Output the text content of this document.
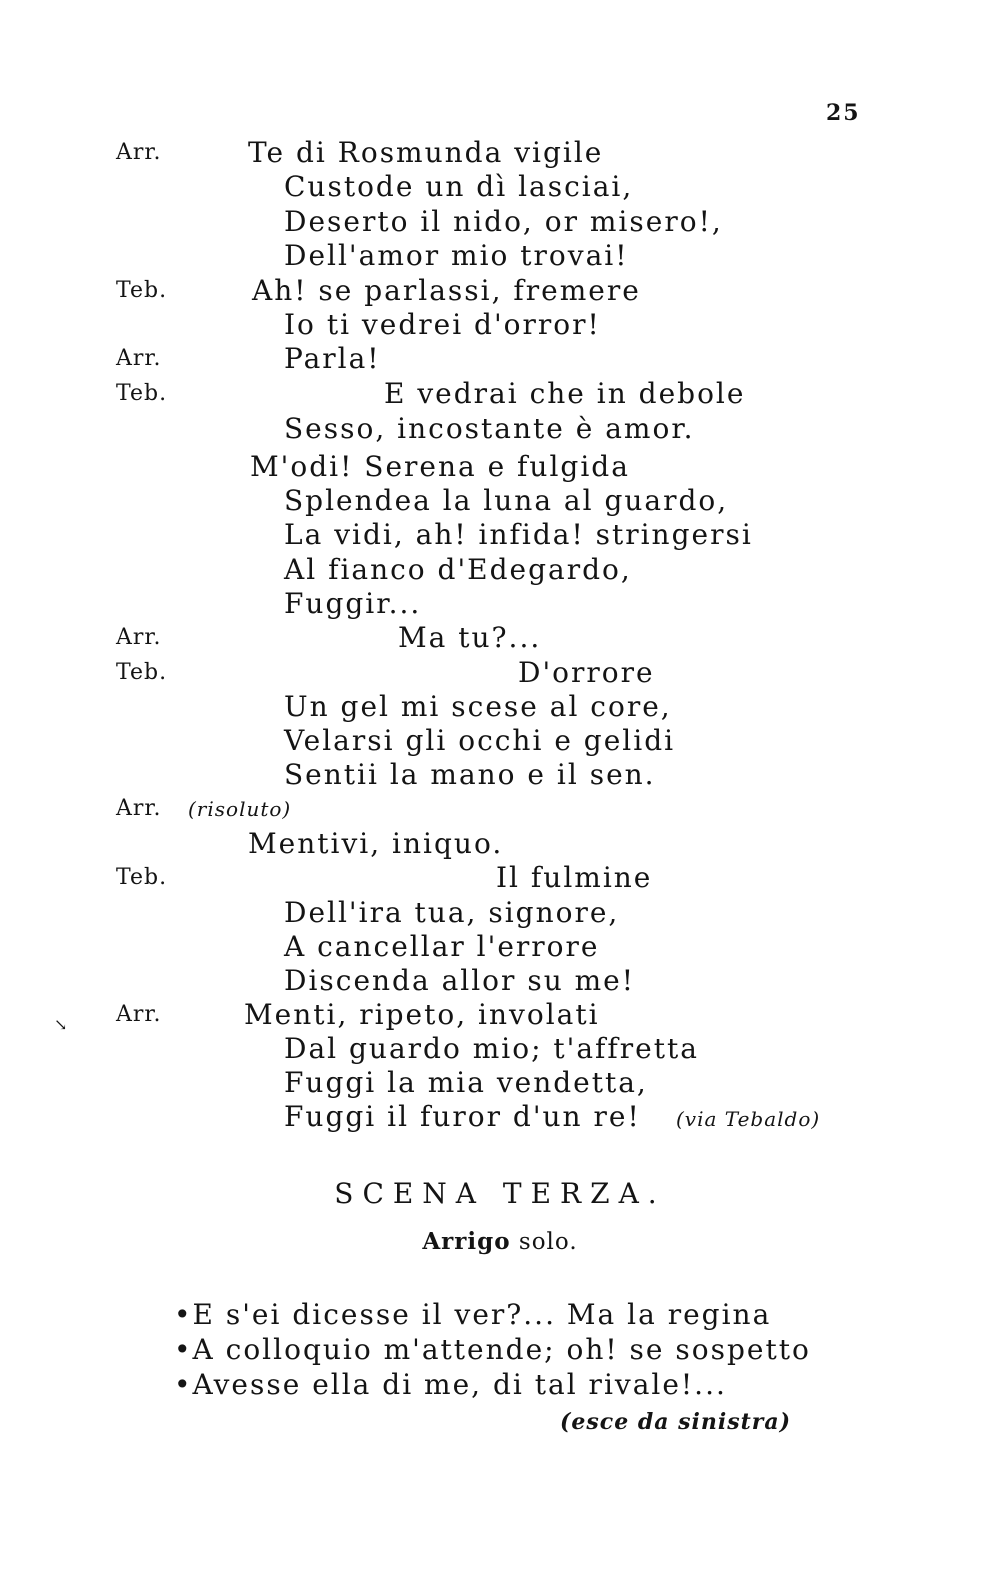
25
Arr.	Te di Rosmunda vigile
Custode un dì lasciai,
Deserto il nido, or misero!,
Dell'amor mio trovai!
Teb.	Ah! se parlassi, fremere
Io ti vedrei d'orror!
Arr.	Parla!
Teb.	E vedrai che in debole
Sesso, incostante è amor.
M'odi! Serena e fulgida
Splendea la luna al guardo,
La vidi, ah! infida! stringersi
Al fianco d'Edegardo,
Fuggir...
Arr.	Ma tu?...
Teb.	D'orrore
Un gel mi scese al core,
Velarsi gli occhi e gelidi
Sentii la mano e il sen.
Arr. (risoluto)
Mentivi, iniquo.
Teb.	Il fulmine
Dell'ira tua, signore,
A cancellar l'errore
Discenda allor su me!
Arr.	Menti, ripeto, involati
Dal guardo mio; t'affretta
Fuggi la mia vendetta,
Fuggi il furor d'un re! (via Tebaldo)
↘
SCENA TERZA.
Arrigo solo.
•E s'ei dicesse il ver?... Ma la regina
•A colloquio m'attende; oh! se sospetto
•Avesse ella di me, di tal rivale!...
(esce da sinistra)
